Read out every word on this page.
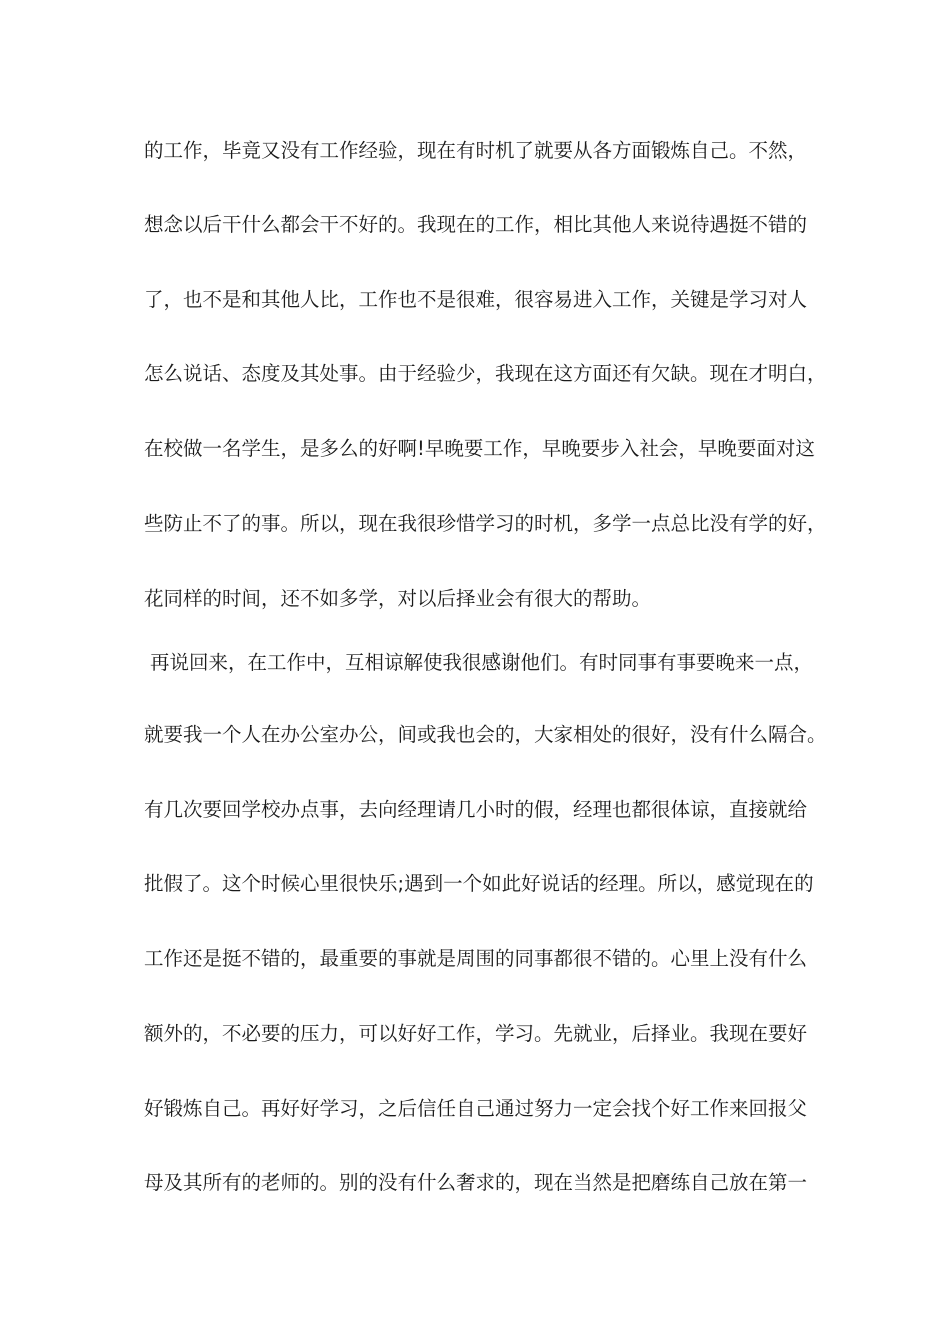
的工作，毕竟又没有工作经验，现在有时机了就要从各方面锻炼自己。不然，
想念以后干什么都会干不好的。我现在的工作，相比其他人来说待遇挺不错的
了，也不是和其他人比，工作也不是很难，很容易进入工作，关键是学习对人
怎么说话、态度及其处事。由于经验少，我现在这方面还有欠缺。现在才明白，
在校做一名学生，是多么的好啊!早晚要工作，早晚要步入社会，早晚要面对这
些防止不了的事。所以，现在我很珍惜学习的时机，多学一点总比没有学的好，
花同样的时间，还不如多学，对以后择业会有很大的帮助。
再说回来，在工作中，互相谅解使我很感谢他们。有时同事有事要晚来一点，
就要我一个人在办公室办公，间或我也会的，大家相处的很好，没有什么隔合。
有几次要回学校办点事，去向经理请几小时的假，经理也都很体谅，直接就给
批假了。这个时候心里很快乐;遇到一个如此好说话的经理。所以，感觉现在的
工作还是挺不错的，最重要的事就是周围的同事都很不错的。心里上没有什么
额外的，不必要的压力，可以好好工作，学习。先就业，后择业。我现在要好
好锻炼自己。再好好学习，之后信任自己通过努力一定会找个好工作来回报父
母及其所有的老师的。别的没有什么奢求的，现在当然是把磨练自己放在第一
